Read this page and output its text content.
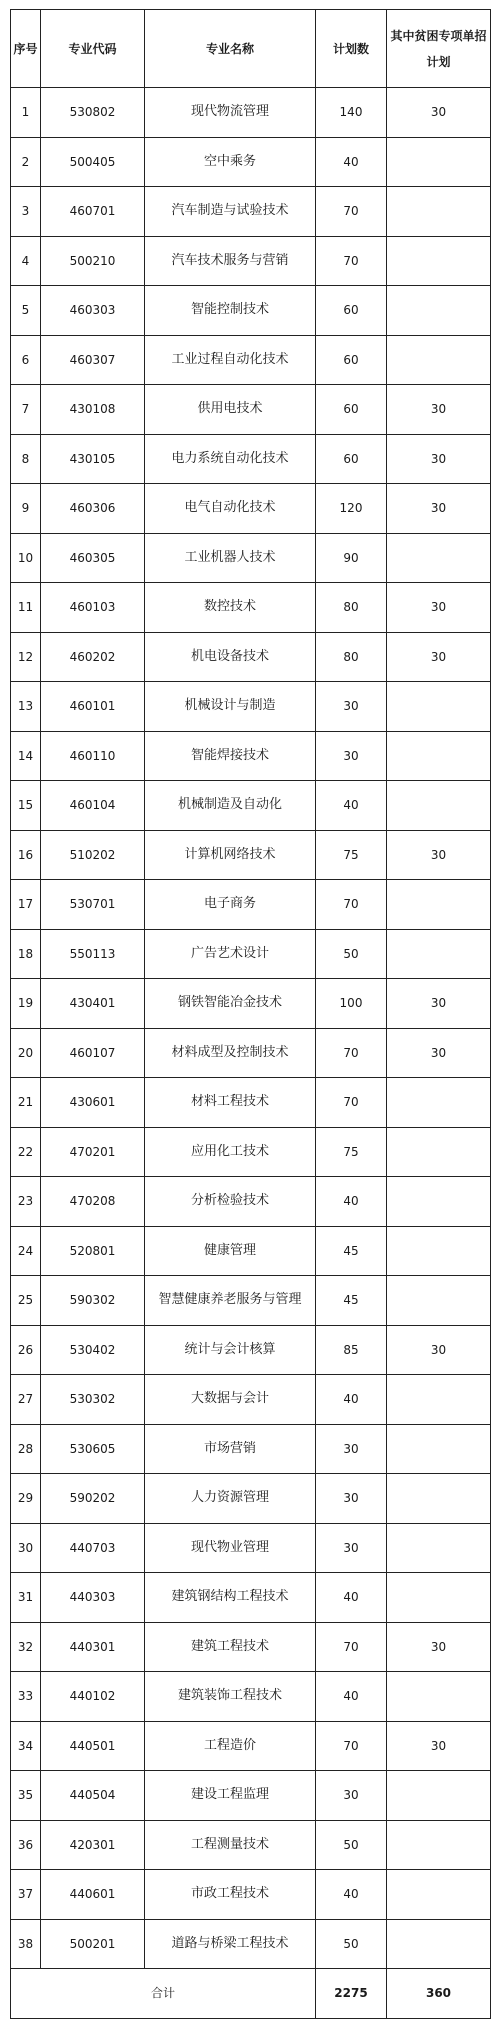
序号	专业代码	专业名称	计划数	其中贫困专项单招计划
1	530802	现代物流管理	140	30
2	500405	空中乘务	40	
3	460701	汽车制造与试验技术	70	
4	500210	汽车技术服务与营销	70	
5	460303	智能控制技术	60	
6	460307	工业过程自动化技术	60	
7	430108	供用电技术	60	30
8	430105	电力系统自动化技术	60	30
9	460306	电气自动化技术	120	30
10	460305	工业机器人技术	90	
11	460103	数控技术	80	30
12	460202	机电设备技术	80	30
13	460101	机械设计与制造	30	
14	460110	智能焊接技术	30	
15	460104	机械制造及自动化	40	
16	510202	计算机网络技术	75	30
17	530701	电子商务	70	
18	550113	广告艺术设计	50	
19	430401	钢铁智能冶金技术	100	30
20	460107	材料成型及控制技术	70	30
21	430601	材料工程技术	70	
22	470201	应用化工技术	75	
23	470208	分析检验技术	40	
24	520801	健康管理	45	
25	590302	智慧健康养老服务与管理	45	
26	530402	统计与会计核算	85	30
27	530302	大数据与会计	40	
28	530605	市场营销	30	
29	590202	人力资源管理	30	
30	440703	现代物业管理	30	
31	440303	建筑钢结构工程技术	40	
32	440301	建筑工程技术	70	30
33	440102	建筑装饰工程技术	40	
34	440501	工程造价	70	30
35	440504	建设工程监理	30	
36	420301	工程测量技术	50	
37	440601	市政工程技术	40	
38	500201	道路与桥梁工程技术	50	
合计			2275	360
